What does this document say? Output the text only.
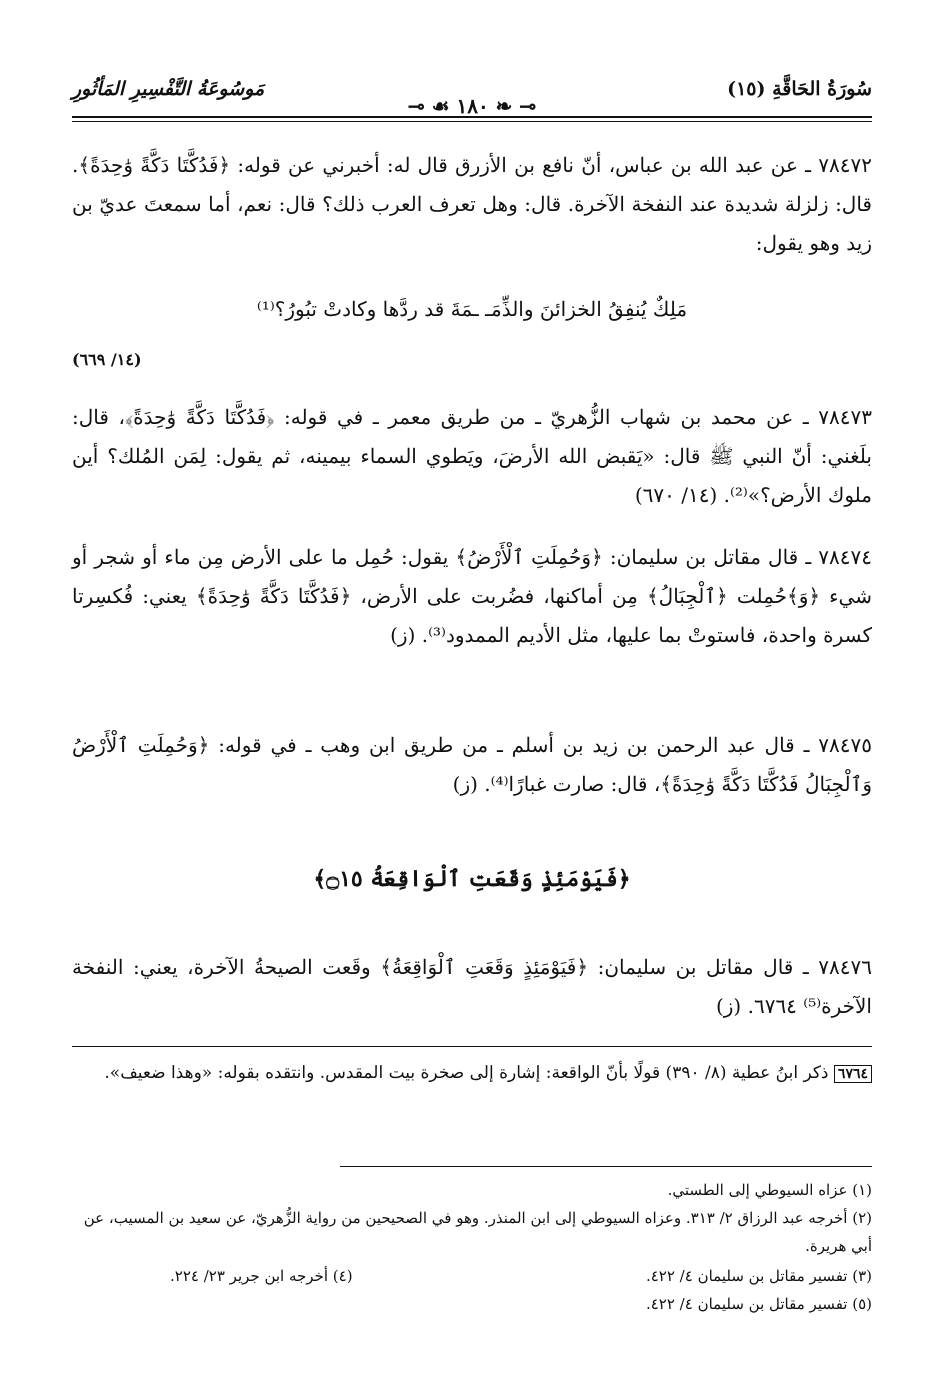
سُورَةُ الحَاقَّةِ (١٥)
مَوسُوعَةُ التَّفْسِيرِ المَأثُورِ
⟜ ❧ ١٨٠ ☙ ⊸
٧٨٤٧٢ ـ عن عبد الله بن عباس، أنّ نافع بن الأزرق قال له: أخبرني عن قوله: ﴿فَدُكَّتَا دَكَّةً وَٰحِدَةً﴾. قال: زلزلة شديدة عند النفخة الآخرة. قال: وهل تعرف العرب ذلك؟ قال: نعم، أما سمعتَ عديّ بن زيد وهو يقول:
مَلِكٌ يُنفِقُ الخزائنَ والذِّمَـ ـمَةَ قد ردَّها وكادتْ تبُورُ؟⁽¹⁾
(١٤/ ٦٦٩)
٧٨٤٧٣ ـ عن محمد بن شهاب الزُّهريّ ـ من طريق معمر ـ في قوله: ﴿فَدُكَّتَا دَكَّةً وَٰحِدَةً﴾، قال: بلَغني: أنّ النبي ﷺ قال: «يَقبض الله الأرضَ، ويَطوي السماء بيمينه، ثم يقول: لِمَن المُلك؟ أين ملوك الأرض؟»⁽²⁾. (١٤/ ٦٧٠)
٧٨٤٧٤ ـ قال مقاتل بن سليمان: ﴿وَحُمِلَتِ ٱلْأَرْضُ﴾ يقول: حُمِل ما على الأرض مِن ماء أو شجر أو شيء ﴿وَ﴾حُمِلت ﴿ٱلْجِبَالُ﴾ مِن أماكنها، فضُربت على الأرض، ﴿فَدُكَّتَا دَكَّةً وَٰحِدَةً﴾ يعني: فُكسِرتا كسرة واحدة، فاستوتْ بما عليها، مثل الأديم الممدود⁽³⁾. (ز)
٧٨٤٧٥ ـ قال عبد الرحمن بن زيد بن أسلم ـ من طريق ابن وهب ـ في قوله: ﴿وَحُمِلَتِ ٱلْأَرْضُ وَٱلْجِبَالُ فَدُكَّتَا دَكَّةً وَٰحِدَةً﴾، قال: صارت غبارًا⁽⁴⁾. (ز)
﴿فَيَوْمَئِذٍ وَقَعَتِ ٱلْوَاقِعَةُ ۝١٥﴾
٧٨٤٧٦ ـ قال مقاتل بن سليمان: ﴿فَيَوْمَئِذٍ وَقَعَتِ ٱلْوَاقِعَةُ﴾ وقَعت الصيحةُ الآخرة، يعني: النفخة الآخرة⁽⁵⁾ ٦٧٦٤. (ز)
٦٧٦٤ ذكر ابنُ عطية (٨/ ٣٩٠) قولًا بأنّ الواقعة: إشارة إلى صخرة بيت المقدس. وانتقده بقوله: «وهذا ضعيف».
(١) عزاه السيوطي إلى الطستي.
(٢) أخرجه عبد الرزاق ٢/ ٣١٣. وعزاه السيوطي إلى ابن المنذر. وهو في الصحيحين من رواية الزُّهريّ، عن سعيد بن المسيب، عن أبي هريرة.
(٣) تفسير مقاتل بن سليمان ٤/ ٤٢٢.
(٤) أخرجه ابن جرير ٢٣/ ٢٢٤.
(٥) تفسير مقاتل بن سليمان ٤/ ٤٢٢.
